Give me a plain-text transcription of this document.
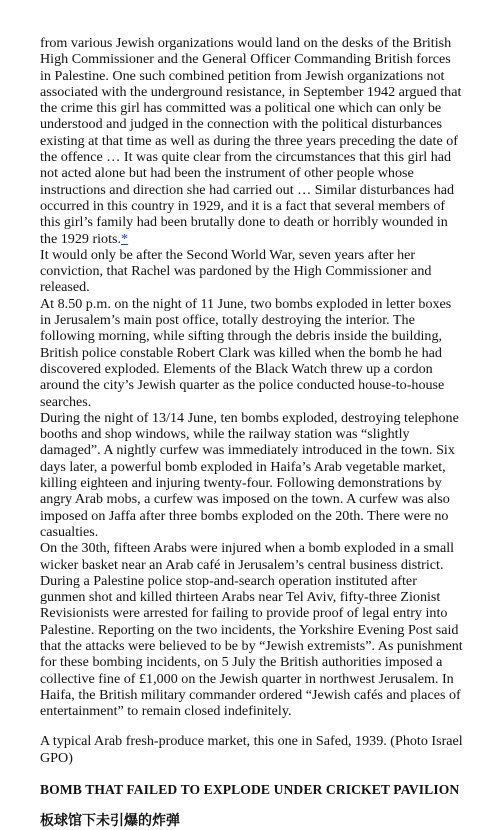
from various Jewish organizations would land on the desks of the British High Commissioner and the General Officer Commanding British forces in Palestine. One such combined petition from Jewish organizations not associated with the underground resistance, in September 1942 argued that

the crime this girl has committed was a political one which can only be understood and judged in the connection with the political disturbances existing at that time as well as during the three years preceding the date of the offence … It was quite clear from the circumstances that this girl had not acted alone but had been the instrument of other people whose instructions and direction she had carried out … Similar disturbances had occurred in this country in 1929, and it is a fact that several members of this girl’s family had been brutally done to death or horribly wounded in the 1929 riots.*

It would only be after the Second World War, seven years after her conviction, that Rachel was pardoned by the High Commissioner and released.

At 8.50 p.m. on the night of 11 June, two bombs exploded in letter boxes in Jerusalem’s main post office, totally destroying the interior. The following morning, while sifting through the debris inside the building, British police constable Robert Clark was killed when the bomb he had discovered exploded. Elements of the Black Watch threw up a cordon around the city’s Jewish quarter as the police conducted house-to-house searches.

During the night of 13/14 June, ten bombs exploded, destroying telephone booths and shop windows, while the railway station was “slightly damaged”. A nightly curfew was immediately introduced in the town. Six days later, a powerful bomb exploded in Haifa’s Arab vegetable market, killing eighteen and injuring twenty-four. Following demonstrations by angry Arab mobs, a curfew was imposed on the town. A curfew was also imposed on Jaffa after three bombs exploded on the 20th. There were no casualties.

On the 30th, fifteen Arabs were injured when a bomb exploded in a small wicker basket near an Arab café in Jerusalem’s central business district. During a Palestine police stop-and-search operation instituted after gunmen shot and killed thirteen Arabs near Tel Aviv, fifty-three Zionist Revisionists were arrested for failing to provide proof of legal entry into Palestine. Reporting on the two incidents, the Yorkshire Evening Post said that the attacks were believed to be by “Jewish extremists”. As punishment for these bombing incidents, on 5 July the British authorities imposed a collective fine of £1,000 on the Jewish quarter in northwest Jerusalem. In Haifa, the British military commander ordered “Jewish cafés and places of entertainment” to remain closed indefinitely.

A typical Arab fresh-produce market, this one in Safed, 1939. (Photo Israel GPO)

BOMB THAT FAILED TO EXPLODE UNDER CRICKET PAVILION

板球馆下未引爆的炸弹
